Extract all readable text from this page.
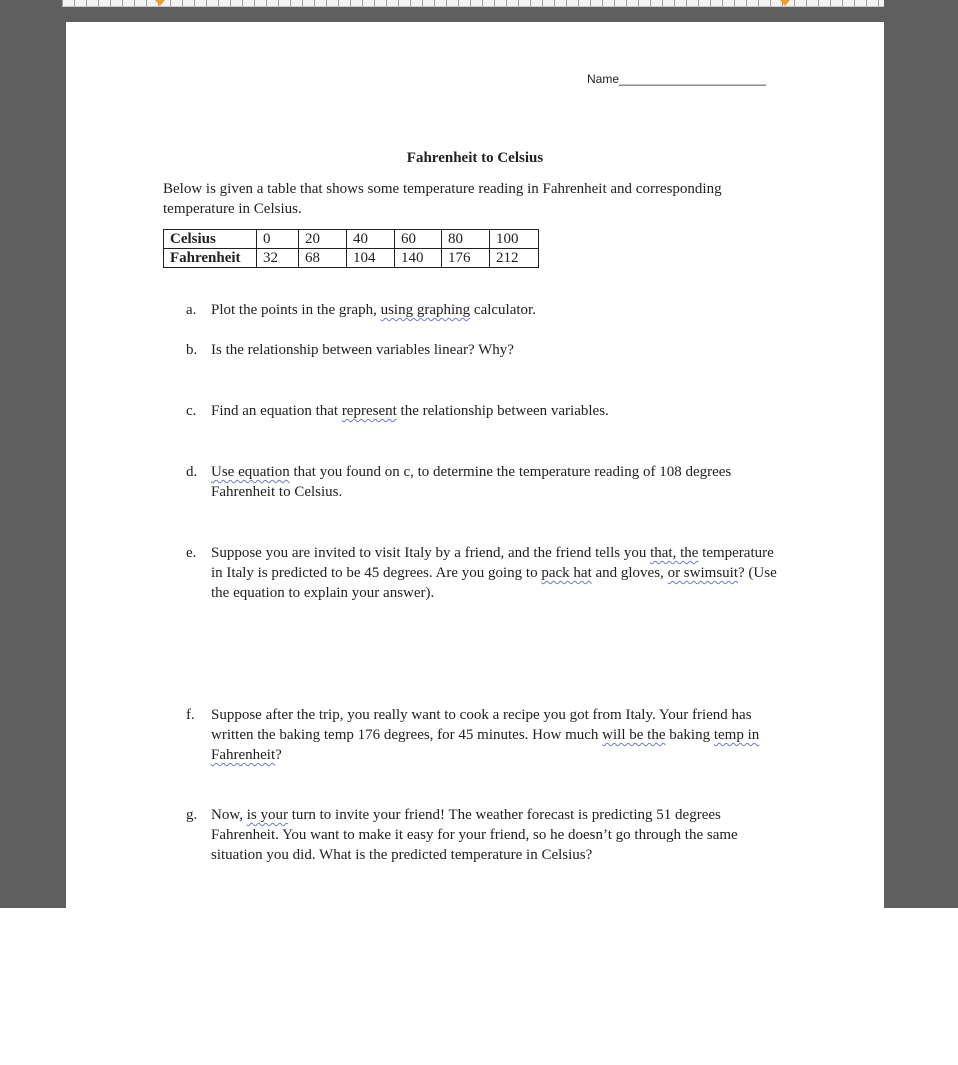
Name______________________
Fahrenheit to Celsius
Below is given a table that shows some temperature reading in Fahrenheit and corresponding temperature in Celsius.
Celsius	0	20	40	60	80	100
Fahrenheit	32	68	104	140	176	212
a. Plot the points in the graph, using graphing calculator.
b. Is the relationship between variables linear? Why?
c. Find an equation that represent the relationship between variables.
d. Use equation that you found on c, to determine the temperature reading of 108 degrees Fahrenheit to Celsius.
e. Suppose you are invited to visit Italy by a friend, and the friend tells you that, the temperature in Italy is predicted to be 45 degrees. Are you going to pack hat and gloves, or swimsuit? (Use the equation to explain your answer).
f.	Suppose after the trip, you really want to cook a recipe you got from Italy. Your friend has written the baking temp 176 degrees, for 45 minutes. How much will be the baking temp in Fahrenheit?
g. Now, is your turn to invite your friend! The weather forecast is predicting 51 degrees Fahrenheit. You want to make it easy for your friend, so he doesn’t go through the same situation you did. What is the predicted temperature in Celsius?
